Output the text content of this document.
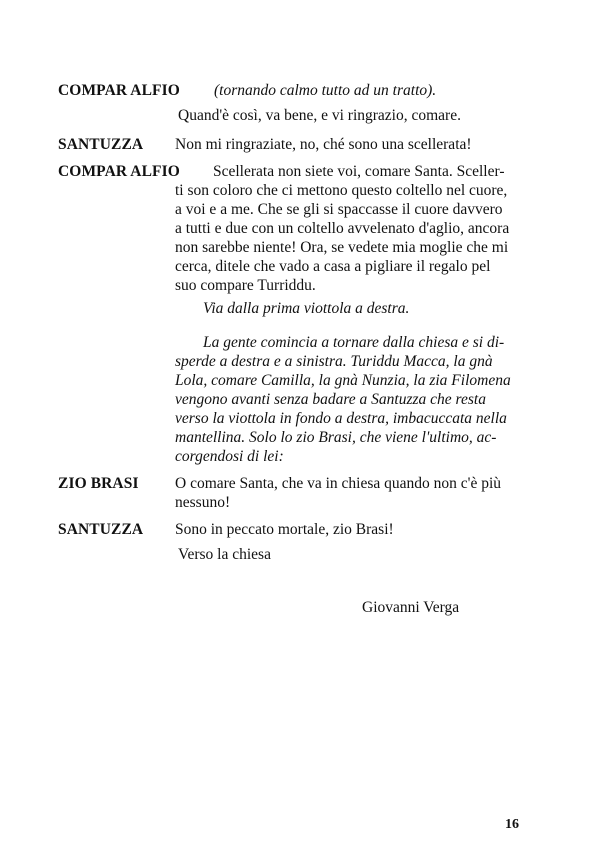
COMPAR ALFIO (tornando calmo tutto ad un tratto).
Quand'è così, va bene, e vi ringrazio, comare.
SANTUZZA Non mi ringraziate, no, ché sono una scellerata!
COMPAR ALFIO	Scellerata non siete voi, comare Santa. Sceller-
ti son coloro che ci mettono questo coltello nel cuore,
a voi e a me. Che se gli si spaccasse il cuore davvero
a tutti e due con un coltello avvelenato d'aglio, ancora
non sarebbe niente! Ora, se vedete mia moglie che mi
cerca, ditele che vado a casa a pigliare il regalo pel
suo compare Turriddu.
Via dalla prima viottola a destra.
La gente comincia a tornare dalla chiesa e si di-
sperde a destra e a sinistra. Turiddu Macca, la gnà
Lola, comare Camilla, la gnà Nunzia, la zia Filomena
vengono avanti senza badare a Santuzza che resta
verso la viottola in fondo a destra, imbacuccata nella
mantellina. Solo lo zio Brasi, che viene l'ultimo, ac-
corgendosi di lei:
ZIO BRASI O comare Santa, che va in chiesa quando non c'è più
nessuno!
SANTUZZA Sono in peccato mortale, zio Brasi!
Verso la chiesa
Giovanni Verga
16
